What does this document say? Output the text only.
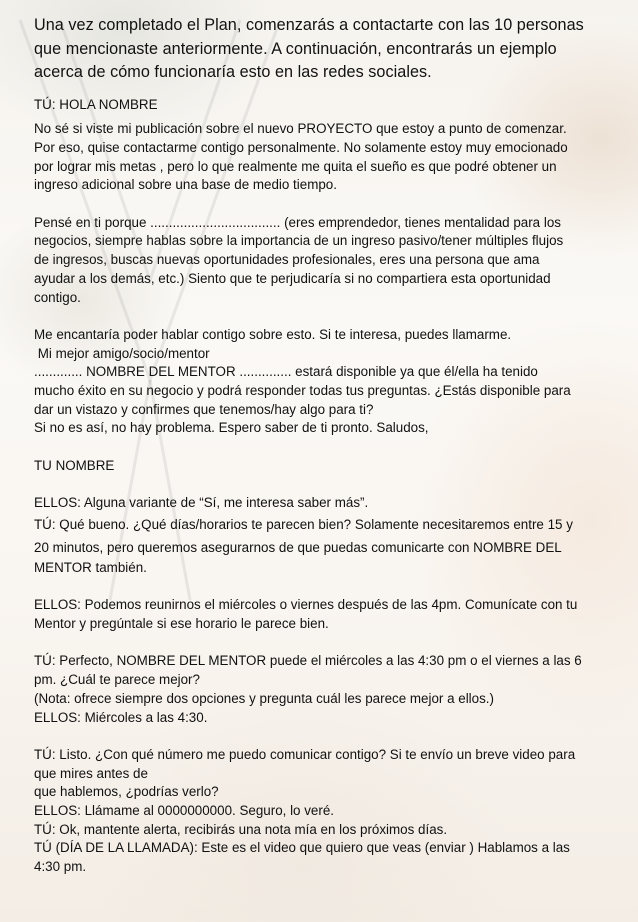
Una vez completado el Plan, comenzarás a contactarte con las 10 personas
que mencionaste anteriormente. A continuación, encontrarás un ejemplo
acerca de cómo funcionaría esto en las redes sociales.
TÚ: HOLA NOMBRE
No sé si viste mi publicación sobre el nuevo PROYECTO que estoy a punto de comenzar.
Por eso, quise contactarme contigo personalmente. No solamente estoy muy emocionado
por lograr mis metas , pero lo que realmente me quita el sueño es que podré obtener un
ingreso adicional sobre una base de medio tiempo.
Pensé en ti porque ................................... (eres emprendedor, tienes mentalidad para los
negocios, siempre hablas sobre la importancia de un ingreso pasivo/tener múltiples flujos
de ingresos, buscas nuevas oportunidades profesionales, eres una persona que ama
ayudar a los demás, etc.) Siento que te perjudicaría si no compartiera esta oportunidad
contigo.
Me encantaría poder hablar contigo sobre esto. Si te interesa, puedes llamarme.
Mi mejor amigo/socio/mentor
............. NOMBRE DEL MENTOR .............. estará disponible ya que él/ella ha tenido
mucho éxito en su negocio y podrá responder todas tus preguntas. ¿Estás disponible para
dar un vistazo y confirmes que tenemos/hay algo para ti?
Si no es así, no hay problema. Espero saber de ti pronto. Saludos,
TU NOMBRE
ELLOS: Alguna variante de “Sí, me interesa saber más”.
TÚ: Qué bueno. ¿Qué días/horarios te parecen bien? Solamente necesitaremos entre 15 y
20 minutos, pero queremos asegurarnos de que puedas comunicarte con NOMBRE DEL
MENTOR también.
ELLOS: Podemos reunirnos el miércoles o viernes después de las 4pm. Comunícate con tu
Mentor y pregúntale si ese horario le parece bien.
TÚ: Perfecto, NOMBRE DEL MENTOR puede el miércoles a las 4:30 pm o el viernes a las 6
pm. ¿Cuál te parece mejor?
(Nota: ofrece siempre dos opciones y pregunta cuál les parece mejor a ellos.)
ELLOS: Miércoles a las 4:30.
TÚ: Listo. ¿Con qué número me puedo comunicar contigo? Si te envío un breve video para
que mires antes de
que hablemos, ¿podrías verlo?
ELLOS: Llámame al 0000000000. Seguro, lo veré.
TÚ: Ok, mantente alerta, recibirás una nota mía en los próximos días.
TÚ (DÍA DE LA LLAMADA): Este es el video que quiero que veas (enviar ) Hablamos a las
4:30 pm.
